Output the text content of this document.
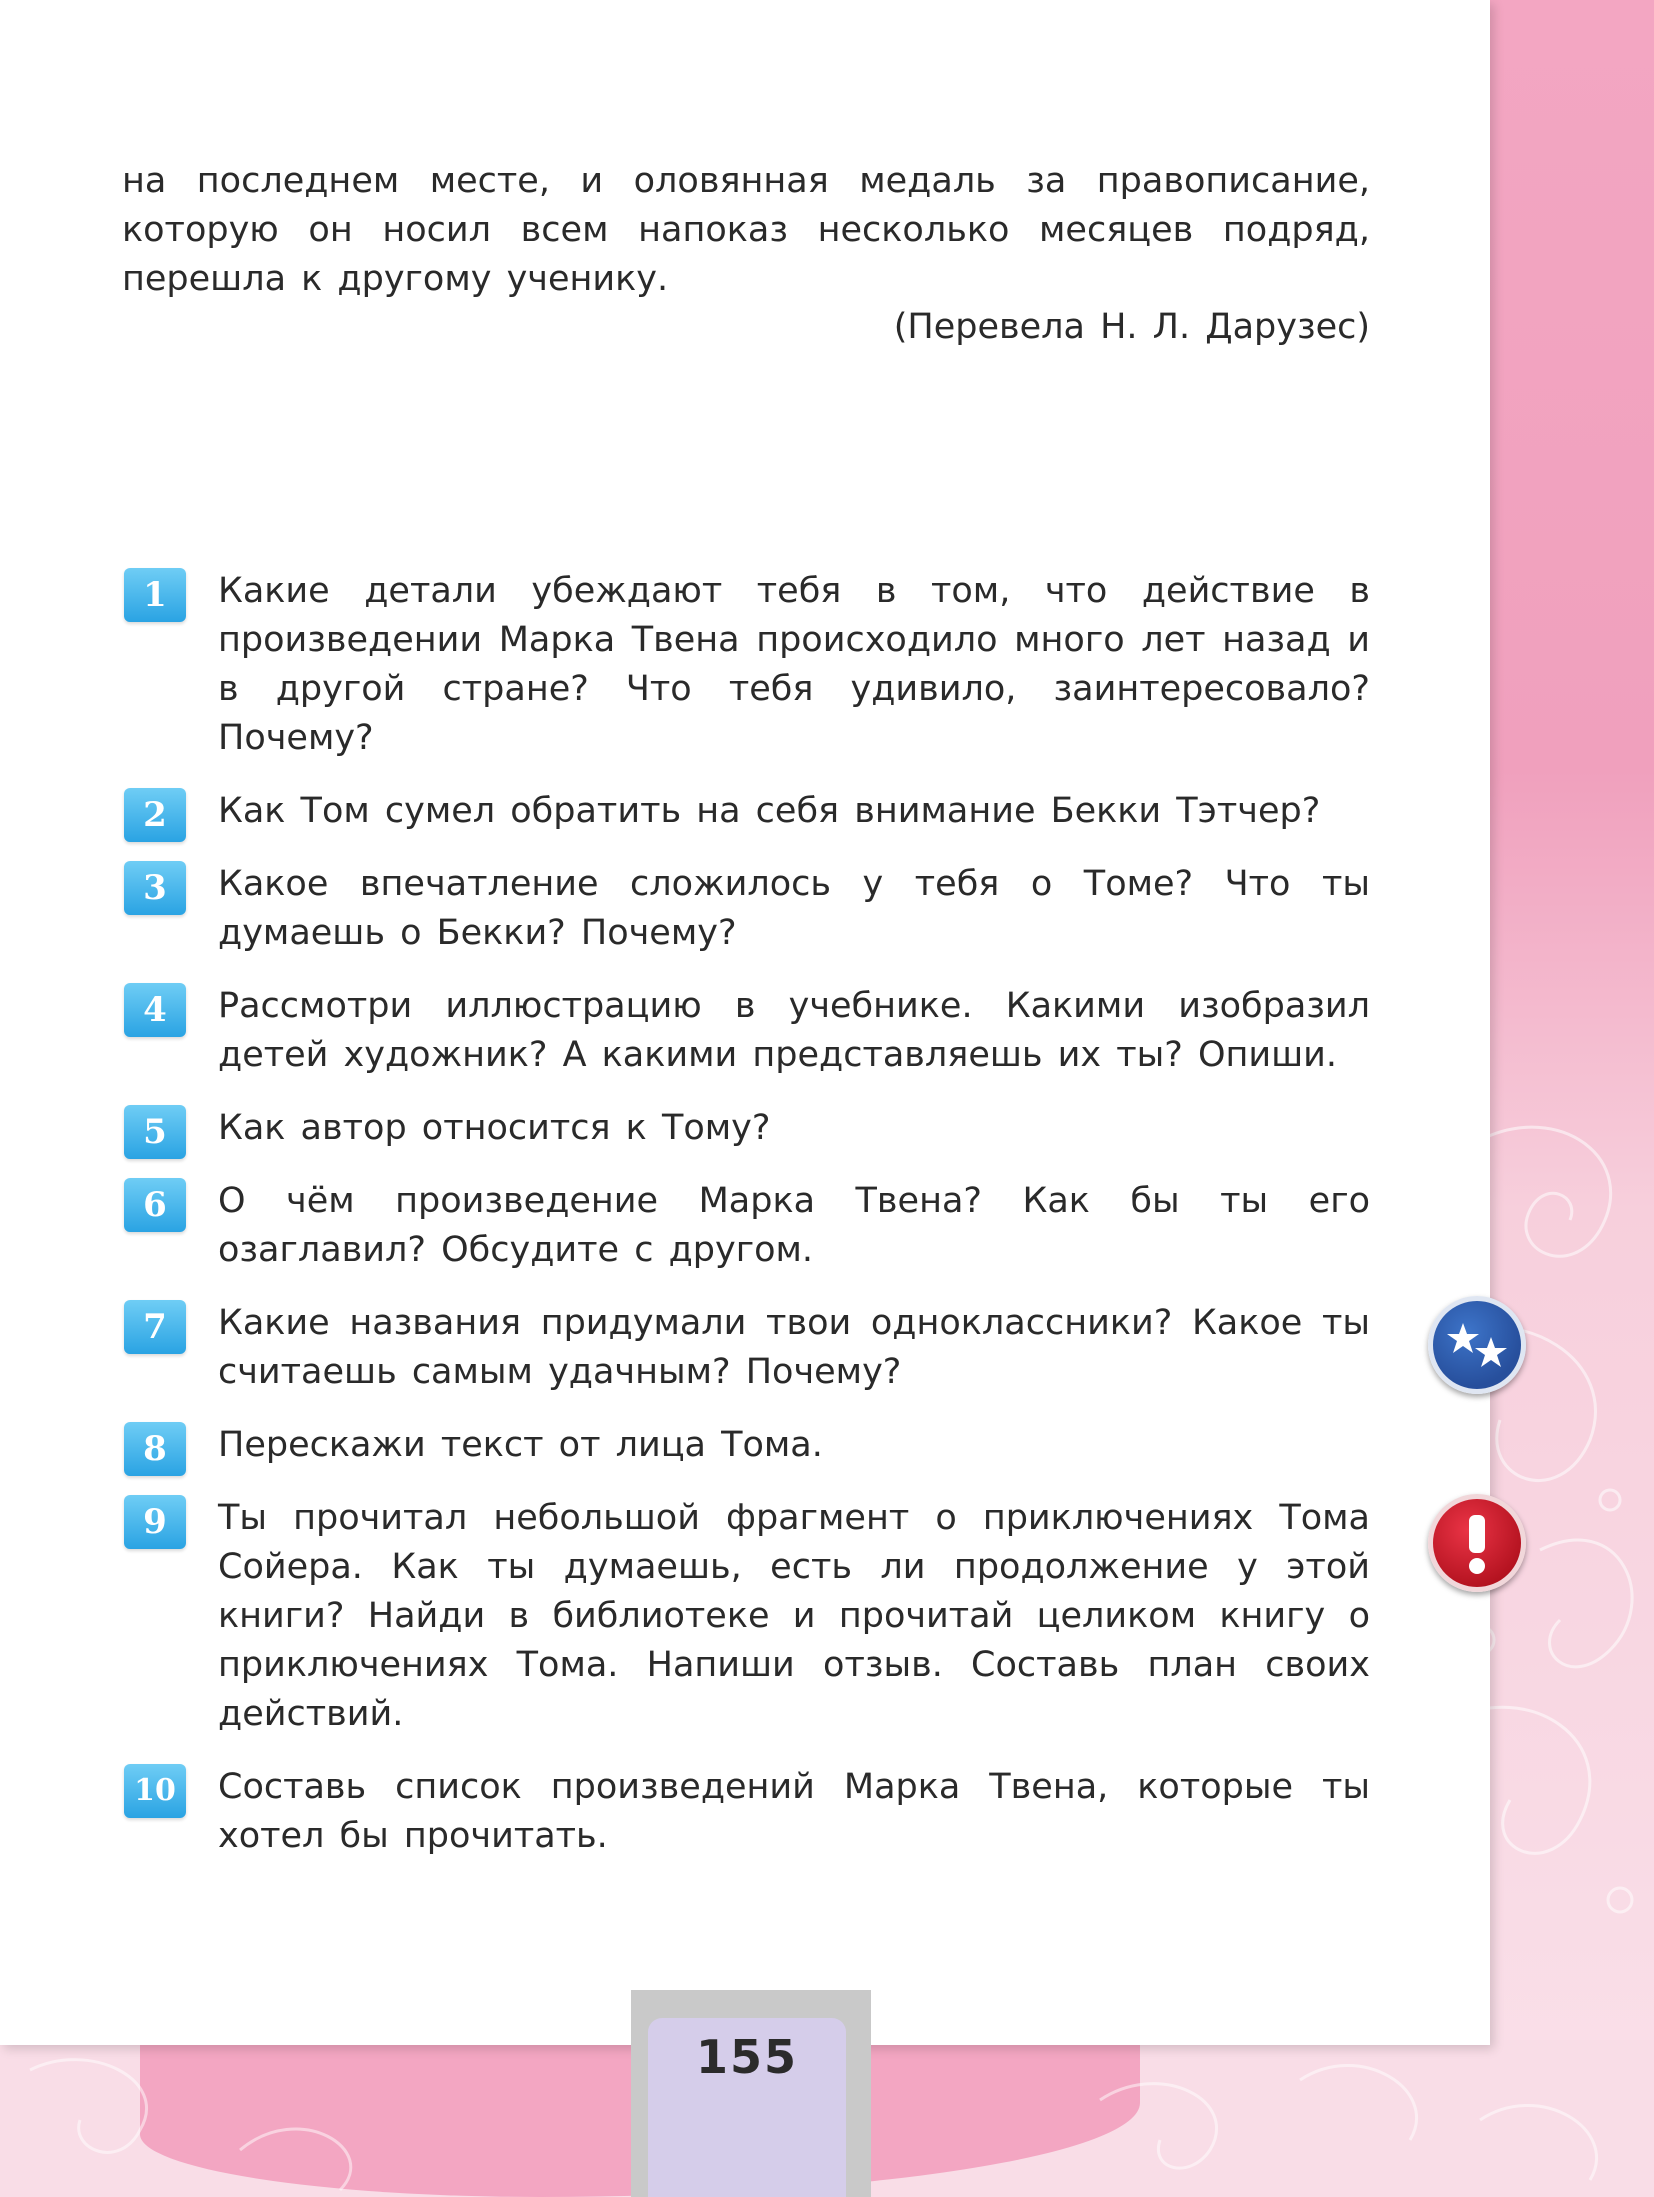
на последнем месте, и оловянная медаль за правописание, которую он носил всем напоказ несколько месяцев подряд, перешла к другому ученику.

(Перевела Н. Л. Дарузес)
1	Какие детали убеждают тебя в том, что действие в произведении Марка Твена происходило много лет назад и в другой стране? Что тебя удивило, заинтересовало? Почему?

2	Как Том сумел обратить на себя внимание Бекки Тэтчер?

3	Какое впечатление сложилось у тебя о Томе? Что ты думаешь о Бекки? Почему?

4	Рассмотри иллюстрацию в учебнике. Какими изобразил детей художник? А какими представляешь их ты? Опиши.

5	Как автор относится к Тому?

6	О чём произведение Марка Твена? Как бы ты его озаглавил? Обсудите с другом.

7	Какие названия придумали твои одноклассники? Какое ты считаешь самым удачным? Почему?

8	Перескажи текст от лица Тома.

9	Ты прочитал небольшой фрагмент о приключениях Тома Сойера. Как ты думаешь, есть ли продолжение у этой книги? Найди в библиотеке и прочитай целиком книгу о приключениях Тома. Напиши отзыв. Составь план своих действий.

10 Составь список произведений Марка Твена, которые ты хотел бы прочитать.

155
